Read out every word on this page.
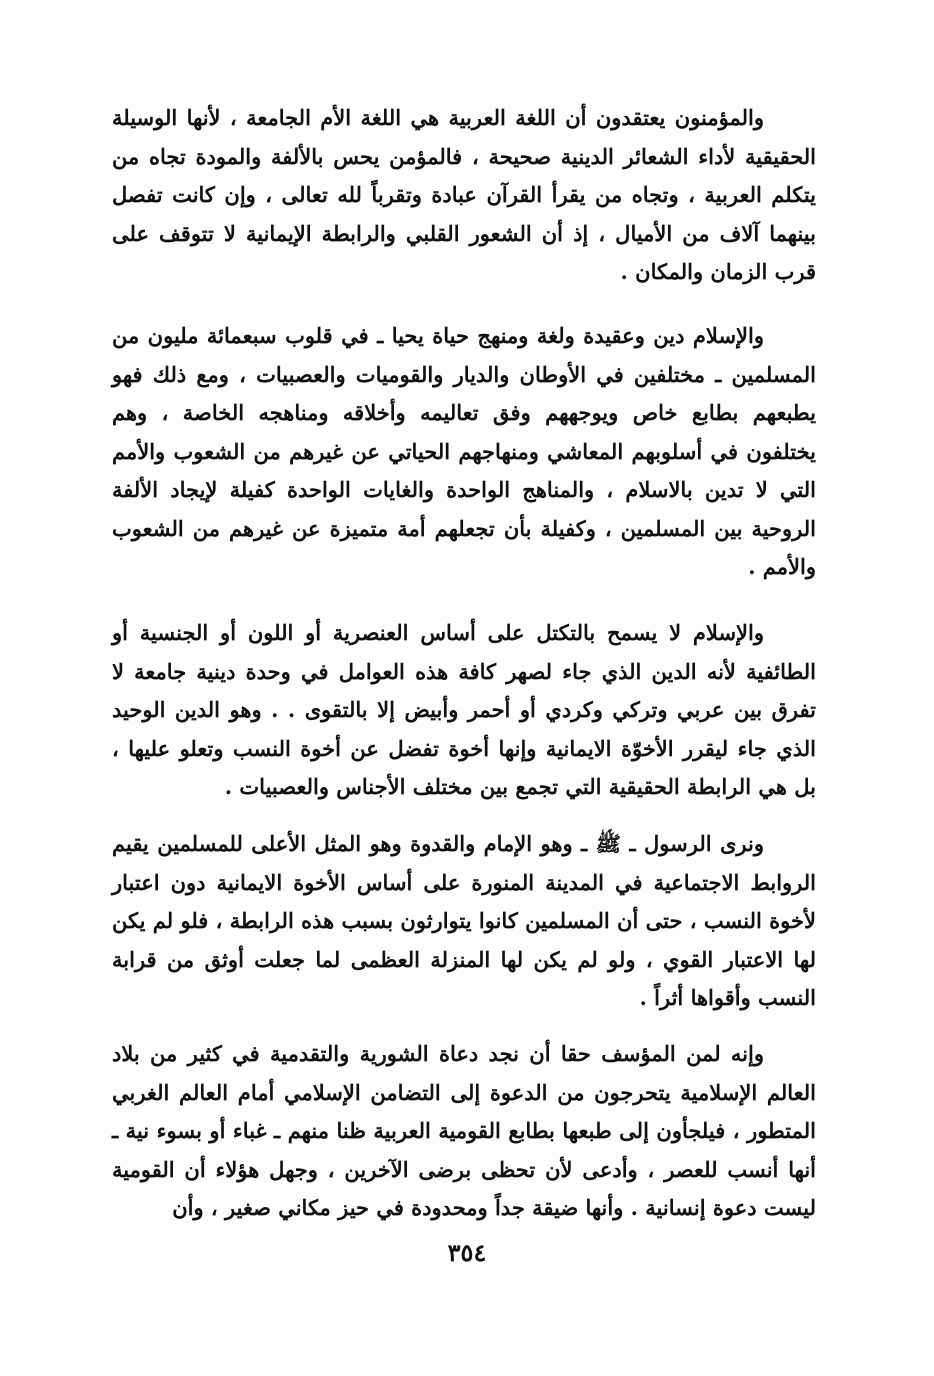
والمؤمنون يعتقدون أن اللغة العربية هي اللغة الأم الجامعة ، لأنها الوسيلة الحقيقية لأداء الشعائر الدينية صحيحة ، فالمؤمن يحس بالألفة والمودة تجاه من يتكلم العربية ، وتجاه من يقرأ القرآن عبادة وتقرباً لله تعالى ، وإن كانت تفصل بينهما آلاف من الأميال ، إذ أن الشعور القلبي والرابطة الإيمانية لا تتوقف على قرب الزمان والمكان .

والإسلام دين وعقيدة ولغة ومنهج حياة يحيا ـ في قلوب سبعمائة مليون من المسلمين ـ مختلفين في الأوطان والديار والقوميات والعصبيات ، ومع ذلك فهو يطبعهم بطابع خاص ويوجههم وفق تعاليمه وأخلاقه ومناهجه الخاصة ، وهم يختلفون في أسلوبهم المعاشي ومنهاجهم الحياتي عن غيرهم من الشعوب والأمم التي لا تدين بالاسلام ، والمناهج الواحدة والغايات الواحدة كفيلة لإيجاد الألفة الروحية بين المسلمين ، وكفيلة بأن تجعلهم أمة متميزة عن غيرهم من الشعوب والأمم .

والإسلام لا يسمح بالتكتل على أساس العنصرية أو اللون أو الجنسية أو الطائفية لأنه الدين الذي جاء لصهر كافة هذه العوامل في وحدة دينية جامعة لا تفرق بين عربي وتركي وكردي أو أحمر وأبيض إلا بالتقوى . . وهو الدين الوحيد الذي جاء ليقرر الأخوّة الايمانية وإنها أخوة تفضل عن أخوة النسب وتعلو عليها ، بل هي الرابطة الحقيقية التي تجمع بين مختلف الأجناس والعصبيات .

ونرى الرسول ـ ﷺ ـ وهو الإمام والقدوة وهو المثل الأعلى للمسلمين يقيم الروابط الاجتماعية في المدينة المنورة على أساس الأخوة الايمانية دون اعتبار لأخوة النسب ، حتى أن المسلمين كانوا يتوارثون بسبب هذه الرابطة ، فلو لم يكن لها الاعتبار القوي ، ولو لم يكن لها المنزلة العظمى لما جعلت أوثق من قرابة النسب وأقواها أثراً .

وإنه لمن المؤسف حقا أن نجد دعاة الشورية والتقدمية في كثير من بلاد العالم الإسلامية يتحرجون من الدعوة إلى التضامن الإسلامي أمام العالم الغربي المتطور ، فيلجأون إلى طبعها بطابع القومية العربية ظنا منهم ـ غباء أو بسوء نية ـ أنها أنسب للعصر ، وأدعى لأن تحظى برضى الآخرين ، وجهل هؤلاء أن القومية ليست دعوة إنسانية . وأنها ضيقة جداً ومحدودة في حيز مكاني صغير ، وأن

٣٥٤
